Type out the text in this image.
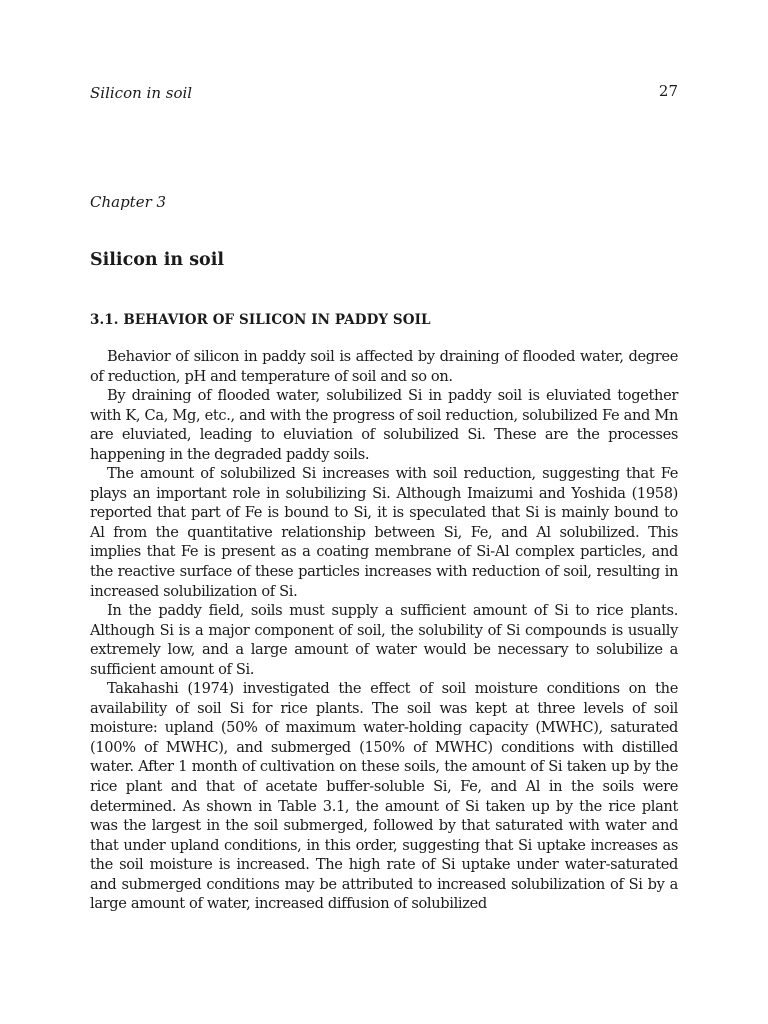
Silicon in soil	27
Chapter 3
Silicon in soil
3.1. BEHAVIOR OF SILICON IN PADDY SOIL

Behavior of silicon in paddy soil is affected by draining of flooded water, degree of reduction, pH and temperature of soil and so on.

By draining of flooded water, solubilized Si in paddy soil is eluviated together with K, Ca, Mg, etc., and with the progress of soil reduction, solubilized Fe and Mn are eluviated, leading to eluviation of solubilized Si. These are the processes happening in the degraded paddy soils.

The amount of solubilized Si increases with soil reduction, suggesting that Fe plays an important role in solubilizing Si. Although Imaizumi and Yoshida (1958) reported that part of Fe is bound to Si, it is speculated that Si is mainly bound to Al from the quantitative relationship between Si, Fe, and Al solubilized. This implies that Fe is present as a coating membrane of Si-Al complex particles, and the reactive surface of these particles increases with reduction of soil, resulting in increased solubilization of Si.

In the paddy field, soils must supply a sufficient amount of Si to rice plants. Although Si is a major component of soil, the solubility of Si compounds is usually extremely low, and a large amount of water would be necessary to solubilize a sufficient amount of Si.

Takahashi (1974) investigated the effect of soil moisture conditions on the availability of soil Si for rice plants. The soil was kept at three levels of soil moisture: upland (50% of maximum water-holding capacity (MWHC), saturated (100% of MWHC), and submerged (150% of MWHC) conditions with distilled water. After 1 month of cultivation on these soils, the amount of Si taken up by the rice plant and that of acetate buffer-soluble Si, Fe, and Al in the soils were determined. As shown in Table 3.1, the amount of Si taken up by the rice plant was the largest in the soil submerged, followed by that saturated with water and that under upland conditions, in this order, suggesting that Si uptake increases as the soil moisture is increased. The high rate of Si uptake under water-saturated and submerged conditions may be attributed to increased solubilization of Si by a large amount of water, increased diffusion of solubilized
